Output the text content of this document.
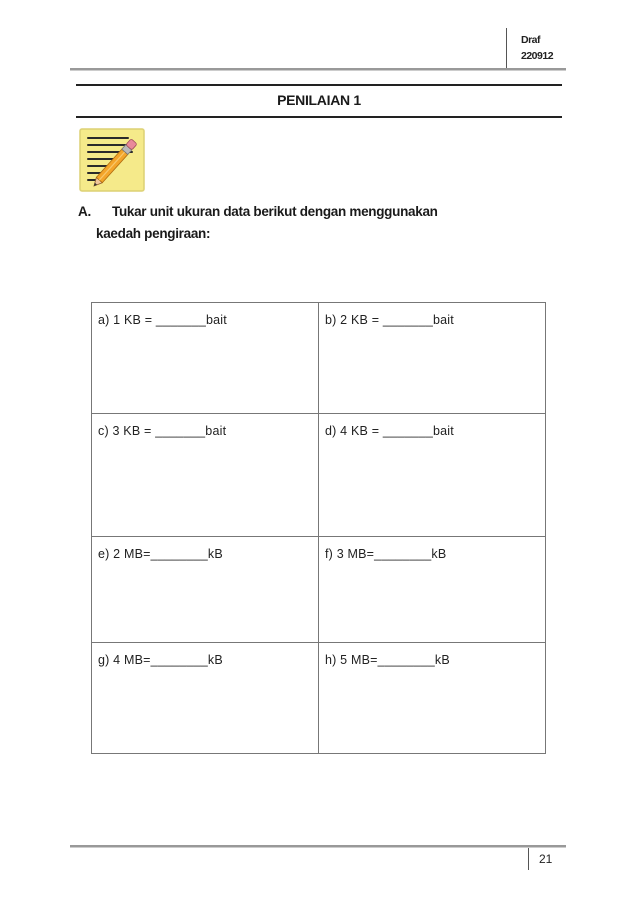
Draf
220912
PENILAIAN 1
A. Tukar unit ukuran data berikut dengan menggunakan
kaedah pengiraan:
a) 1 KB = _______bait	b) 2 KB = _______bait
c) 3 KB = _______bait	d) 4 KB = _______bait
e) 2 MB=________kB	f) 3 MB=________kB
g) 4 MB=________kB	h) 5 MB=________kB
21
